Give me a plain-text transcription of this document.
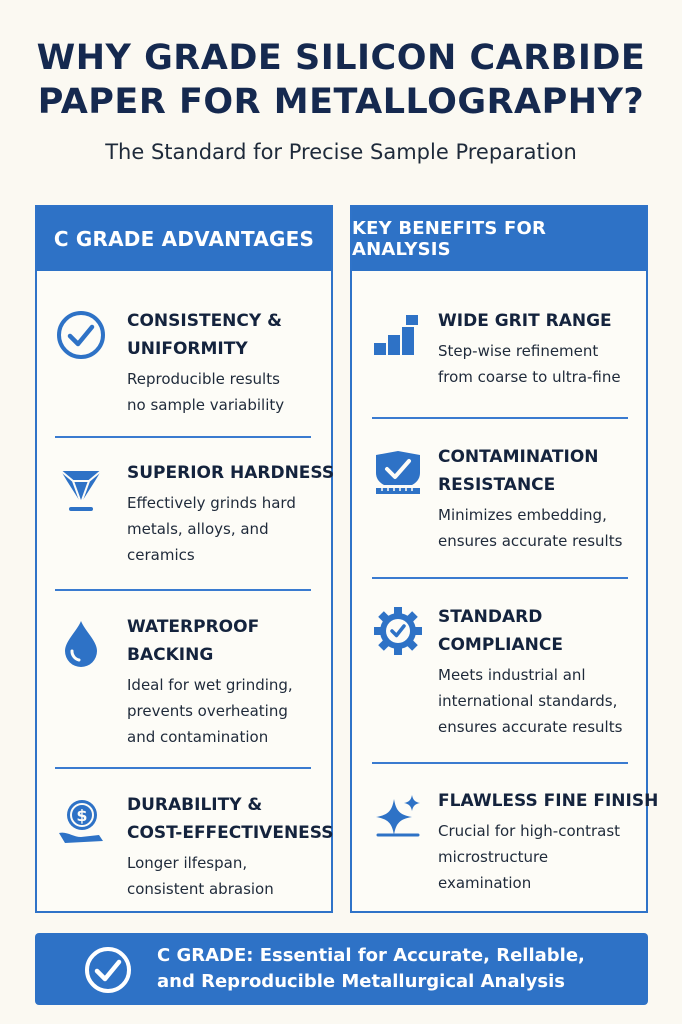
WHY GRADE SILICON CARBIDE
PAPER FOR METALLOGRAPHY?
The Standard for Precise Sample Preparation
C GRADE ADVANTAGES
CONSISTENCY &
UNIFORMITY

Reproducible results
no sample variability

SUPERIOR HARDNESS

Effectively grinds hard
metals, alloys, and
ceramics

WATERPROOF
BACKING

Ideal for wet grinding,
prevents overheating
and contamination

$
DURABILITY &
COST-EFFECTIVENESS

Longer ilfespan,
consistent abrasion

KEY BENEFITS FOR ANALYSIS
WIDE GRIT RANGE

Step-wise refinement
from coarse to ultra-fine

CONTAMINATION
RESISTANCE

Minimizes embedding,
ensures accurate results

STANDARD
COMPLIANCE

Meets industrial anl
international standards,
ensures accurate results

FLAWLESS FINE FINISH

Crucial for high-contrast
microstructure
examination

C GRADE: Essential for Accurate, Rellable,
and Reproducible Metallurgical Analysis
